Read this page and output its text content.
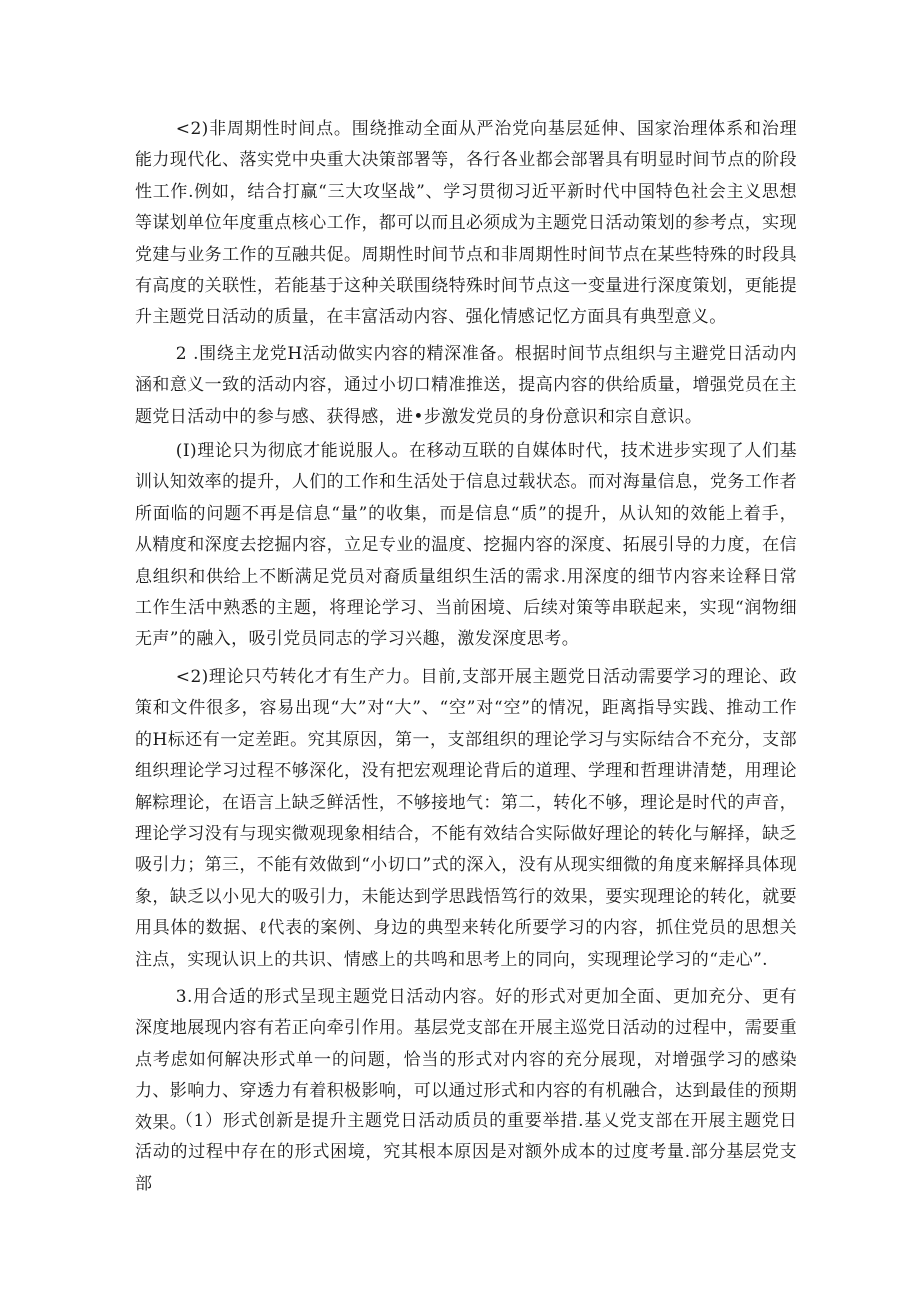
<2)非周期性时间点。围绕推动全面从严治党向基层延伸、国家治理体系和治理能力现代化、落实党中央重大决策部署等，各行各业都会部署具有明显时间节点的阶段性工作.例如，结合打赢“三大攻坚战”、学习贯彻习近平新时代中国特色社会主义思想等谋划单位年度重点核心工作，都可以而且必须成为主题党日活动策划的参考点，实现党建与业务工作的互融共促。周期性时间节点和非周期性时间节点在某些特殊的时段具有高度的关联性，若能基于这种关联围绕特殊时间节点这一变量进行深度策划，更能提升主题党日活动的质量，在丰富活动内容、强化情感记忆方面具有典型意义。

2 .围绕主龙党H活动做实内容的精深准备。根据时间节点组织与主避党日活动内涵和意义一致的活动内容，通过小切口精准推送，提高内容的供给质量，增强党员在主题党日活动中的参与感、获得感，进•步激发党员的身份意识和宗自意识。

(I)理论只为彻底才能说服人。在移动互联的自媒体时代，技术进步实现了人们基训认知效率的提升，人们的工作和生活处于信息过载状态。而对海量信息，党务工作者所面临的问题不再是信息“量”的收集，而是信息“质”的提升，从认知的效能上着手，从精度和深度去挖掘内容，立足专业的温度、挖掘内容的深度、拓展引导的力度，在信息组织和供给上不断满足党员对裔质量组织生活的需求.用深度的细节内容来诠释日常工作生活中熟悉的主题，将理论学习、当前困境、后续对策等串联起来，实现“润物细无声”的融入，吸引党员同志的学习兴趣，激发深度思考。

<2)理论只芍转化才有生产力。目前,支部开展主题党日活动需要学习的理论、政策和文件很多，容易出现“大”对“大”、“空”对“空”的情况，距离指导实践、推动工作的H标还有一定差距。究其原因，第一，支部组织的理论学习与实际结合不充分，支部组织理论学习过程不够深化，没有把宏观理论背后的道理、学理和哲理讲清楚，用理论解粽理论，在语言上缺乏鲜活性，不够接地气：第二，转化不够，理论是时代的声音，理论学习没有与现实微观现象相结合，不能有效结合实际做好理论的转化与解择，缺乏吸引力；第三，不能有效做到“小切口”式的深入，没有从现实细微的角度来解择具体现象，缺乏以小见大的吸引力，未能达到学思践悟笃行的效果，要实现理论的转化，就要用具体的数据、ℓ代表的案例、身边的典型来转化所要学习的内容，抓住党员的思想关注点，实现认识上的共识、情感上的共鸣和思考上的同向，实现理论学习的“走心”.

3.用合适的形式呈现主题党日活动内容。好的形式对更加全面、更加充分、更有深度地展现内容有若正向牵引作用。基层党支部在开展主巡党日活动的过程中，需要重点考虑如何解决形式单一的问题，恰当的形式对内容的充分展现，对增强学习的感染力、影响力、穿透力有着积极影响，可以通过形式和内容的有机融合，达到最佳的预期效果。

（1）形式创新是提升主题党日活动质员的重要举措.基乂党支部在开展主题党日活动的过程中存在的形式困境，究其根本原因是对额外成本的过度考量.部分基层党支部
